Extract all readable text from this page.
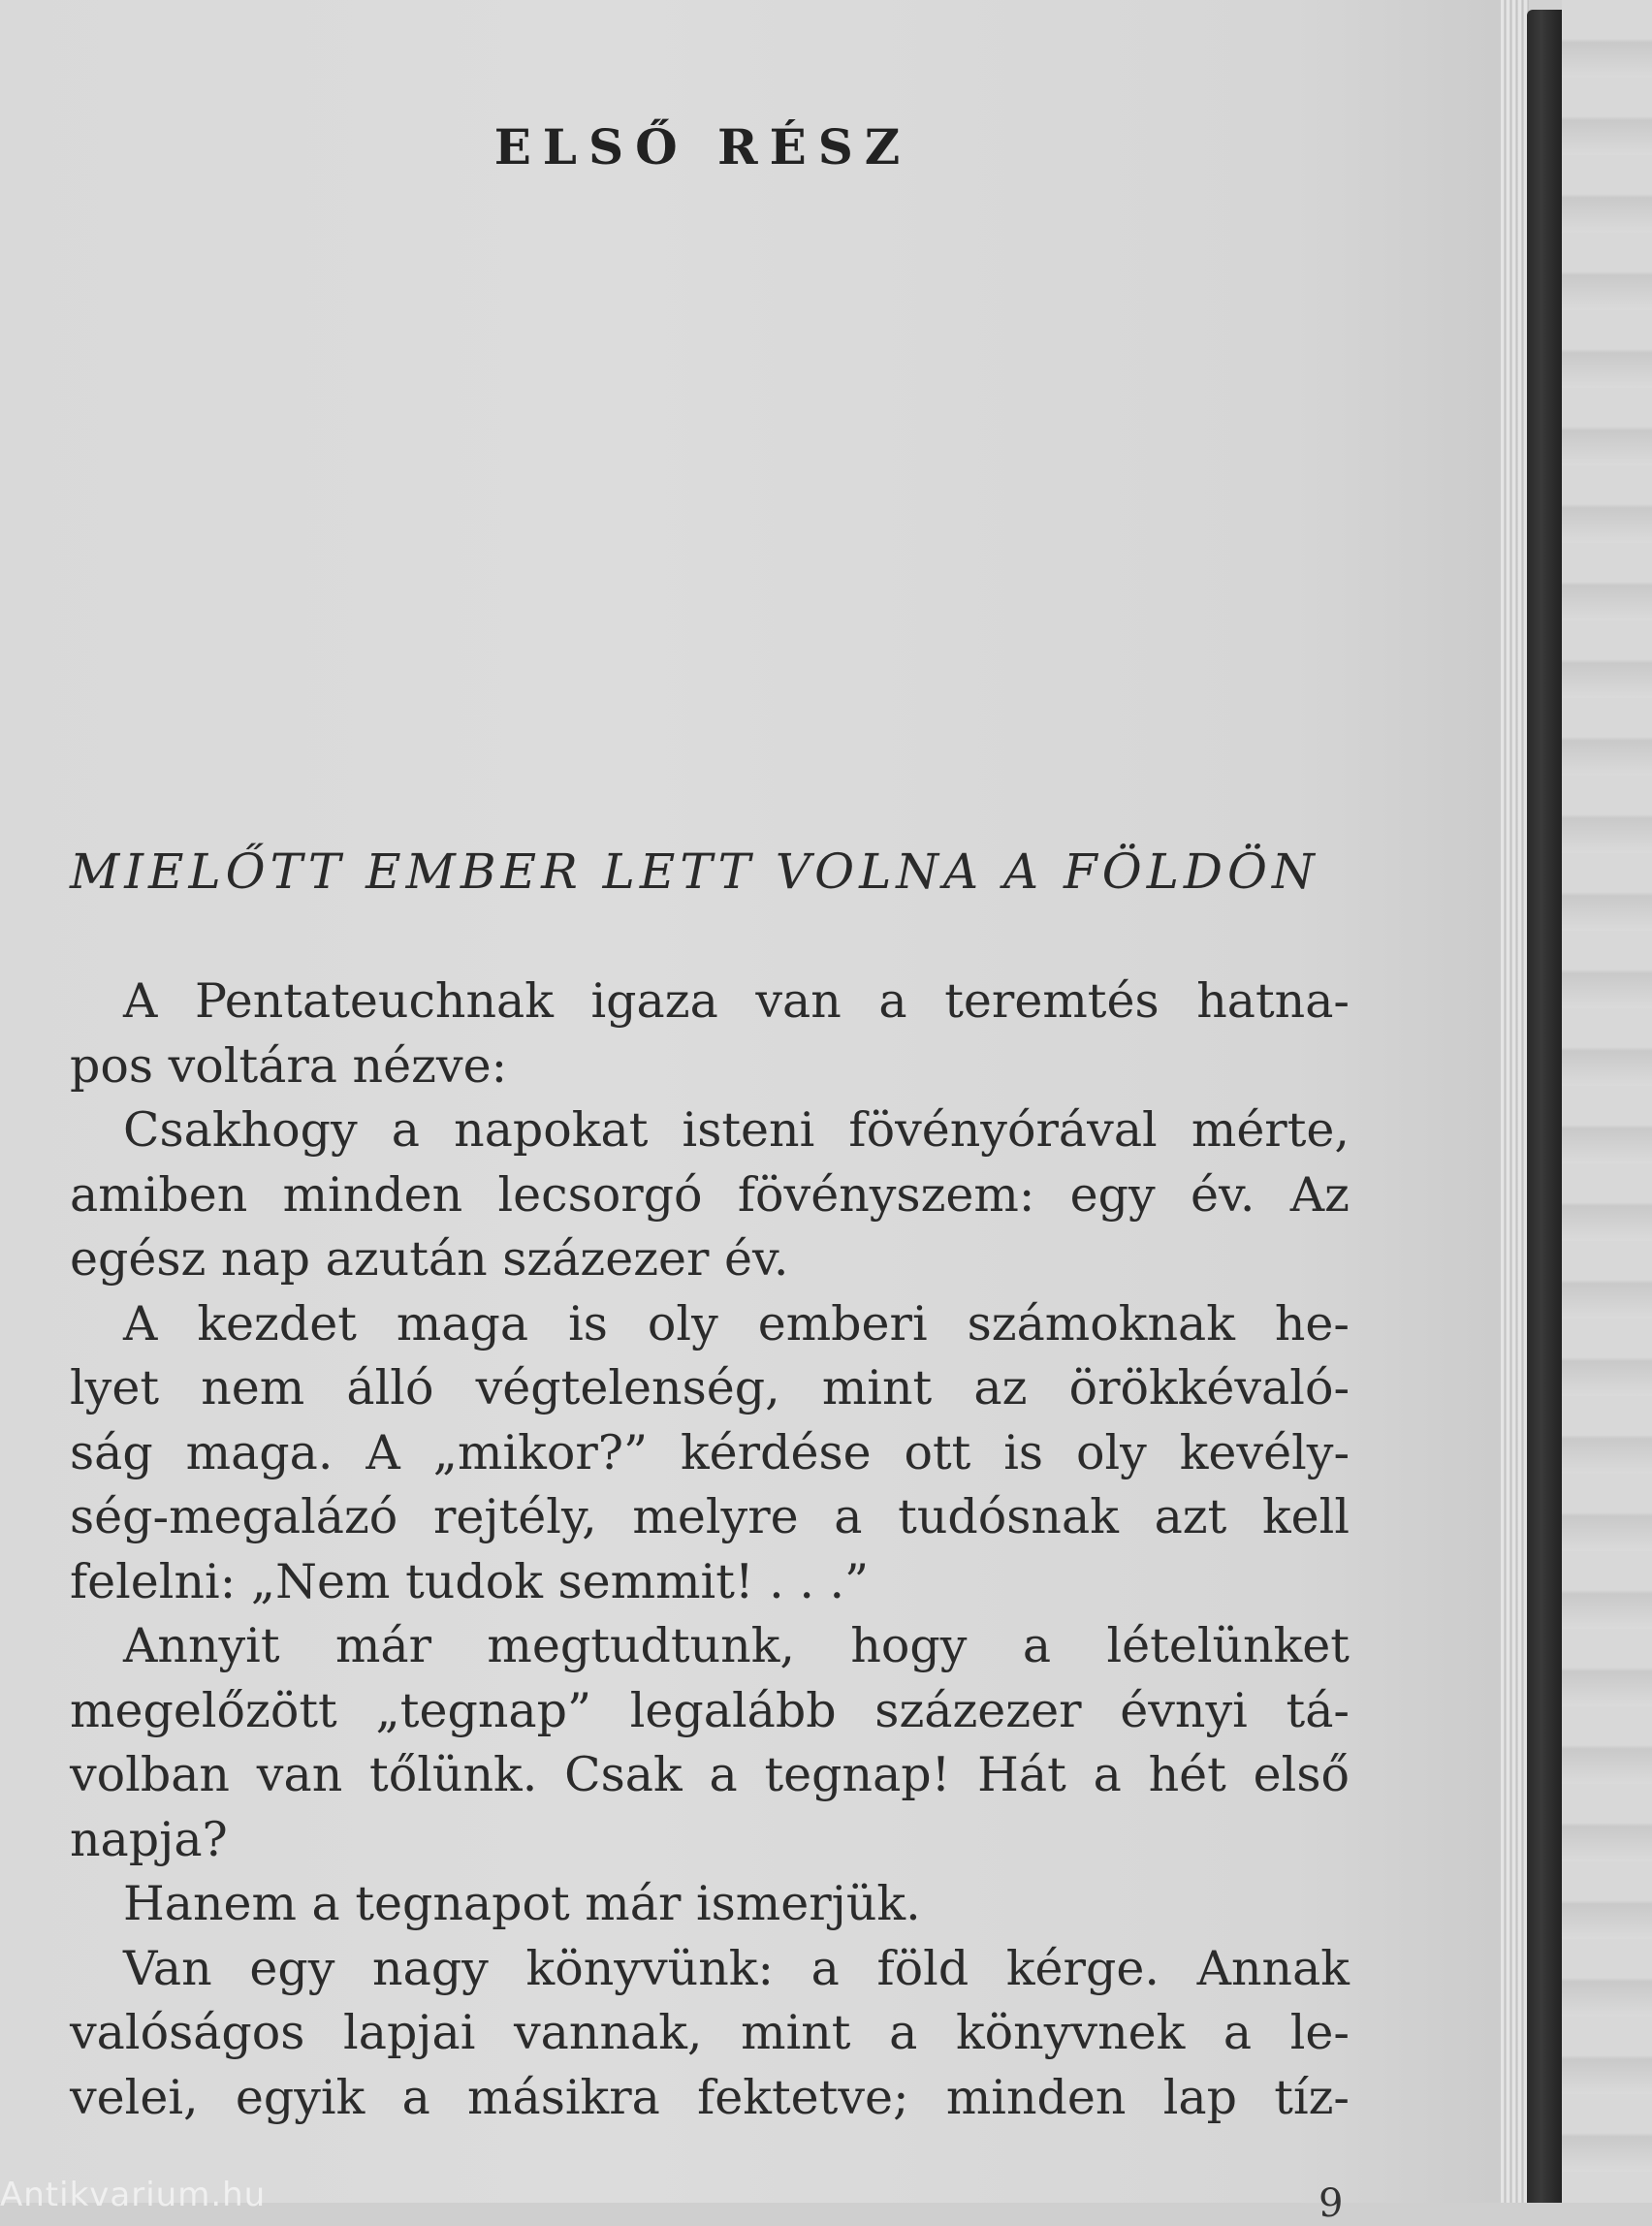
ELSŐ RÉSZ
MIELŐTT EMBER LETT VOLNA A FÖLDÖN
A Pentateuchnak igaza van a teremtés hatna-
pos voltára nézve:
Csakhogy a napokat isteni fövényórával mérte,
amiben minden lecsorgó fövényszem: egy év. Az
egész nap azután százezer év.
A kezdet maga is oly emberi számoknak he-
lyet nem álló végtelenség, mint az örökkévaló-
ság maga. A „mikor?” kérdése ott is oly kevély-
ség-megalázó rejtély, melyre a tudósnak azt kell
felelni: „Nem tudok semmit! . . .”
Annyit már megtudtunk, hogy a lételünket
megelőzött „tegnap” legalább százezer évnyi tá-
volban van tőlünk. Csak a tegnap! Hát a hét első
napja?
Hanem a tegnapot már ismerjük.
Van egy nagy könyvünk: a föld kérge. Annak
valóságos lapjai vannak, mint a könyvnek a le-
velei, egyik a másikra fektetve; minden lap tíz-
9
Antikvarium.hu
